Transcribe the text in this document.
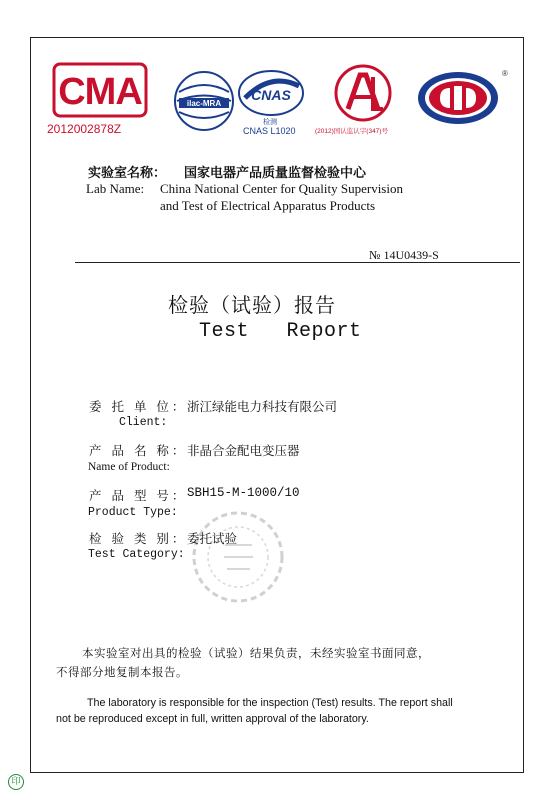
CMA
2012002878Z
ilac-MRA
CNAS
检测
CNAS L1020	(2012)国认监认字(347)号
®
实验室名称： 国家电器产品质量监督检验中心
Lab Name: China National Center for Quality Supervision
and Test of Electrical Apparatus Products
№ 14U0439-S
检验（试验）报告
Test   Report
委 托 单 位： 浙江绿能电力科技有限公司
Client:
产 品 名 称： 非晶合金配电变压器
Name of Product:
产 品 型 号： SBH15-M-1000/10
Product Type:
检 验 类 别： 委托试验
Test Category:
本实验室对出具的检验（试验）结果负责，未经实验室书面同意，
不得部分地复制本报告。
The laboratory is responsible for the inspection (Test) results. The report shall
not be reproduced except in full, written approval of the laboratory.
印
